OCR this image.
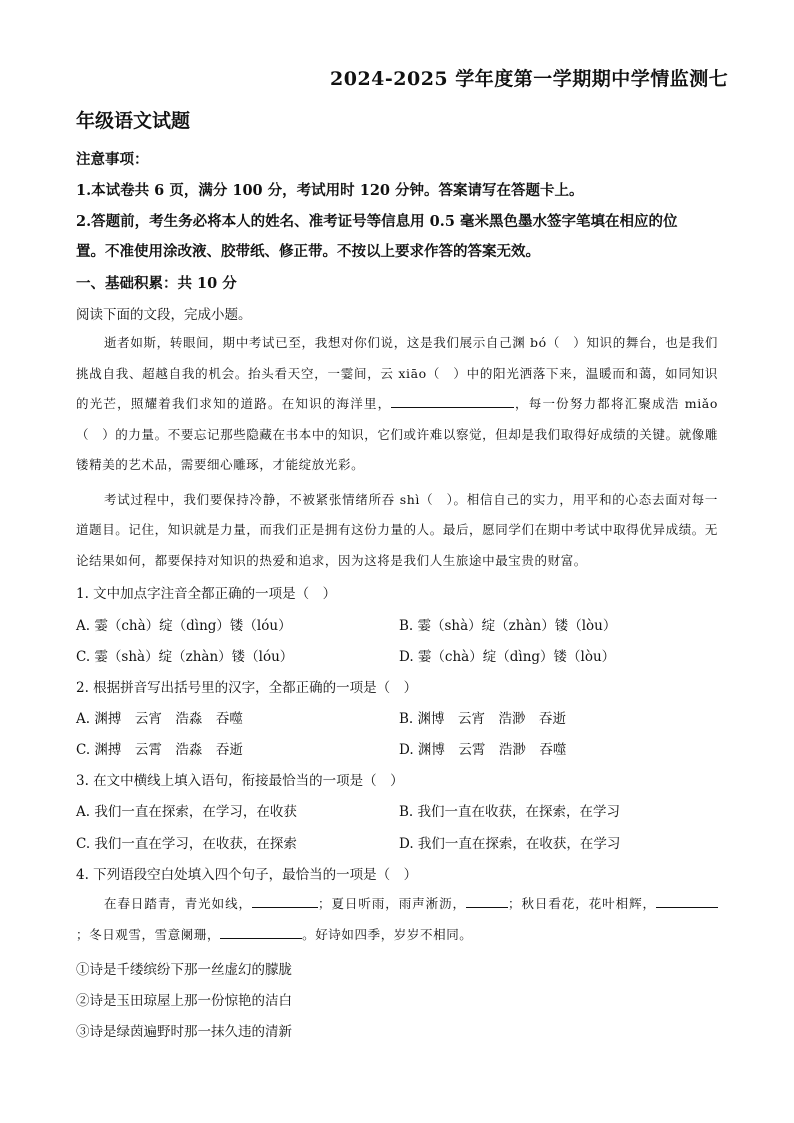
2024-2025 学年度第一学期期中学情监测七
年级语文试题
注意事项：
1.本试卷共 6 页，满分 100 分，考试用时 120 分钟。答案请写在答题卡上。
2.答题前，考生务必将本人的姓名、准考证号等信息用 0.5 毫米黑色墨水签字笔填在相应的位
置。不准使用涂改液、胶带纸、修正带。不按以上要求作答的答案无效。
一、基础积累：共 10 分
阅读下面的文段，完成小题。

逝者如斯，转眼间，期中考试已至，我想对你们说，这是我们展示自己渊 bó（　）知识的舞台，也是我们挑战自我、超越自我的机会。抬头看天空，一霎间，云 xiāo（　）中的阳光洒落下来，温暖而和蔼，如同知识的光芒，照耀着我们求知的道路。在知识的海洋里，	，每一份努力都将汇聚成浩 miǎo（　）的力量。不要忘记那些隐藏在书本中的知识，它们或许难以察觉，但却是我们取得好成绩的关键。就像雕镂精美的艺术品，需要细心雕琢，才能绽放光彩。

考试过程中，我们要保持冷静，不被紧张情绪所吞 shì（　）。相信自己的实力，用平和的心态去面对每一道题目。记住，知识就是力量，而我们正是拥有这份力量的人。最后，愿同学们在期中考试中取得优异成绩。无论结果如何，都要保持对知识的热爱和追求，因为这将是我们人生旅途中最宝贵的财富。

1. 文中加点字注音全都正确的一项是（　）
A. 霎（chà）绽（dìng）镂（lóu）	B. 霎（shà）绽（zhàn）镂（lòu）
C. 霎（shà）绽（zhàn）镂（lóu）	D. 霎（chà）绽（dìng）镂（lòu）
2. 根据拼音写出括号里的汉字，全都正确的一项是（　）
A. 渊搏　云宵　浩淼　吞噬	B. 渊博　云宵　浩渺　吞逝
C. 渊搏　云霄　浩淼　吞逝	D. 渊博　云霄　浩渺　吞噬
3. 在文中横线上填入语句，衔接最恰当的一项是（　）
A. 我们一直在探索，在学习，在收获	B. 我们一直在收获，在探索，在学习
C. 我们一直在学习，在收获，在探索	D. 我们一直在探索，在收获，在学习
4. 下列语段空白处填入四个句子，最恰当的一项是（　）

在春日踏青，青光如线，	；夏日听雨，雨声淅沥，	；秋日看花，花叶相辉，；冬日观雪，雪意阑珊，	。好诗如四季，岁岁不相同。

①诗是千缕缤纷下那一丝虚幻的朦胧
②诗是玉田琼屋上那一份惊艳的洁白
③诗是绿茵遍野时那一抹久违的清新
